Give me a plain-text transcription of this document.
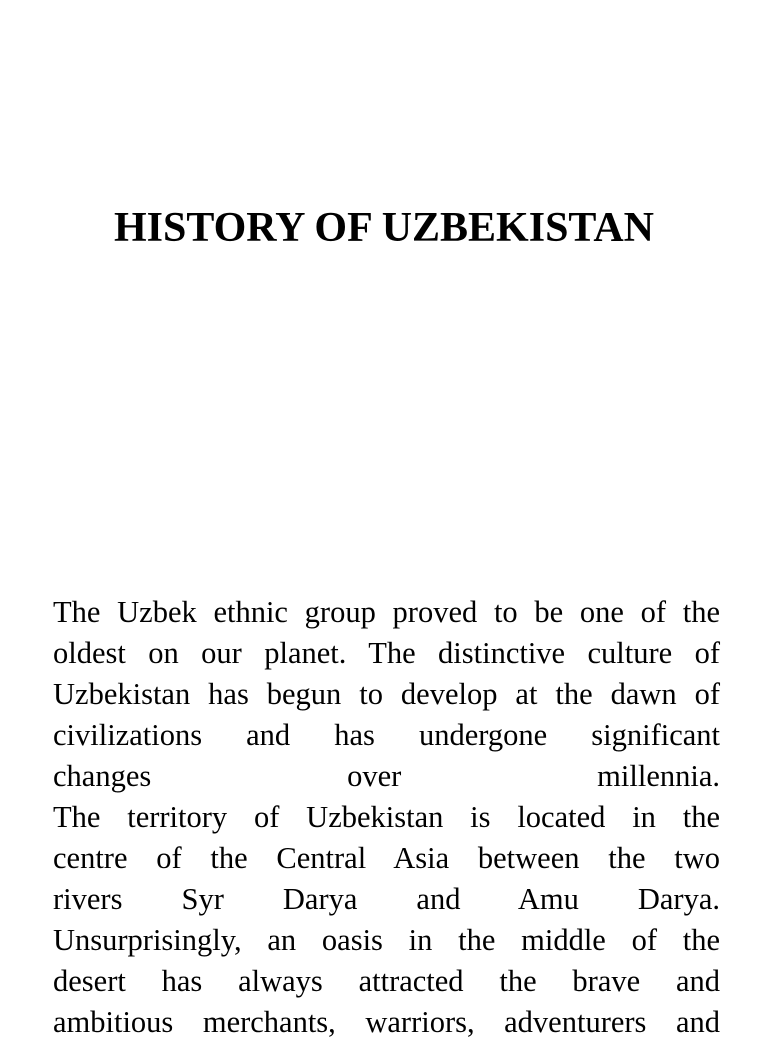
HISTORY OF UZBEKISTAN
The Uzbek ethnic group proved to be one of the
oldest on our planet. The distinctive culture of
Uzbekistan has begun to develop at the dawn of
civilizations and has undergone significant
changes over millennia.
The territory of Uzbekistan is located in the
centre of the Central Asia between the two
rivers Syr Darya and Amu Darya.
Unsurprisingly, an oasis in the middle of the
desert has always attracted the brave and
ambitious merchants, warriors, adventurers and
